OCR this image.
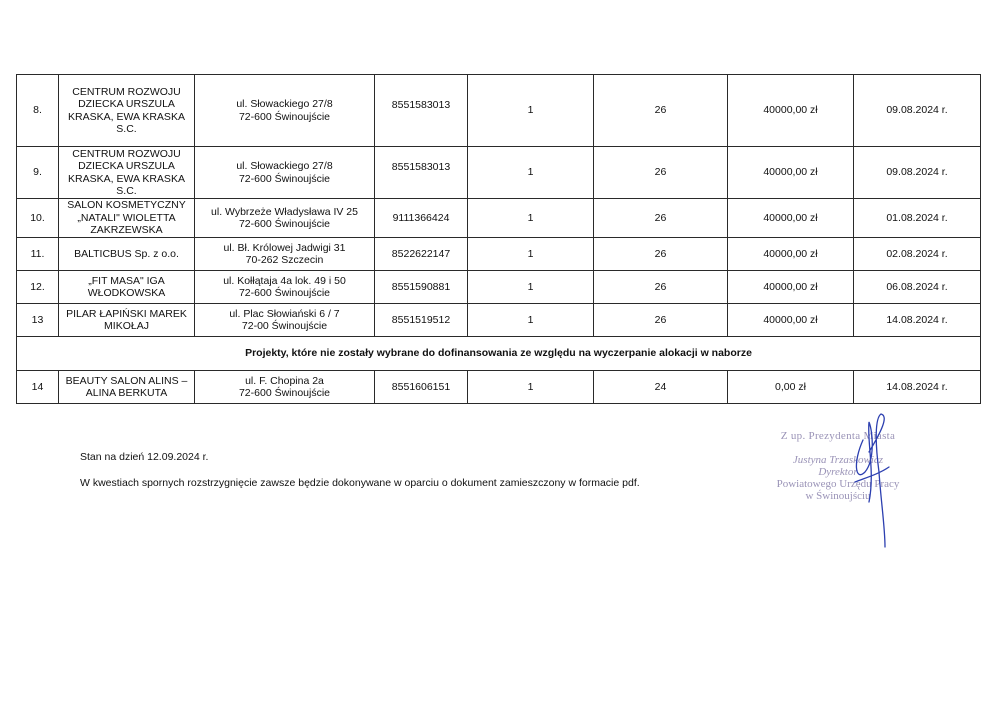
8.	CENTRUM ROZWOJU DZIECKA URSZULA KRASKA, EWA KRASKA S.C.	ul. Słowackiego 27/8
72-600 Świnoujście	8551583013	1	26	40000,00 zł	09.08.2024 r.
9.	CENTRUM ROZWOJU DZIECKA URSZULA KRASKA, EWA KRASKA S.C.	ul. Słowackiego 27/8
72-600 Świnoujście	8551583013	1	26	40000,00 zł	09.08.2024 r.
10.	SALON KOSMETYCZNY „NATALI" WIOLETTA ZAKRZEWSKA	ul. Wybrzeże Władysława IV 25
72-600 Świnoujście	9111366424	1	26	40000,00 zł	01.08.2024 r.
11.	BALTICBUS Sp. z o.o.	ul. Bł. Królowej Jadwigi 31
70-262 Szczecin	8522622147	1	26	40000,00 zł	02.08.2024 r.
12.	„FIT MASA" IGA WŁODKOWSKA	ul. Kołłątaja 4a lok. 49 i 50
72-600 Świnoujście	8551590881	1	26	40000,00 zł	06.08.2024 r.
13	PILAR ŁAPIŃSKI MAREK MIKOŁAJ	ul. Plac Słowiański 6 / 7
72-00 Świnoujście	8551519512	1	26	40000,00 zł	14.08.2024 r.
Projekty, które nie zostały wybrane do dofinansowania ze względu na wyczerpanie alokacji w naborze							
14	BEAUTY SALON ALINS – ALINA BERKUTA	ul. F. Chopina 2a
72-600 Świnoujście	8551606151	1	24	0,00 zł	14.08.2024 r.
Stan na dzień 12.09.2024 r.
W kwestiach spornych rozstrzygnięcie zawsze będzie dokonywane w oparciu o dokument zamieszczony w formacie pdf.
Z up. Prezydenta Miasta
Justyna Trzaskowicz
Dyrektor
Powiatowego Urzędu Pracy
w Świnoujściu
